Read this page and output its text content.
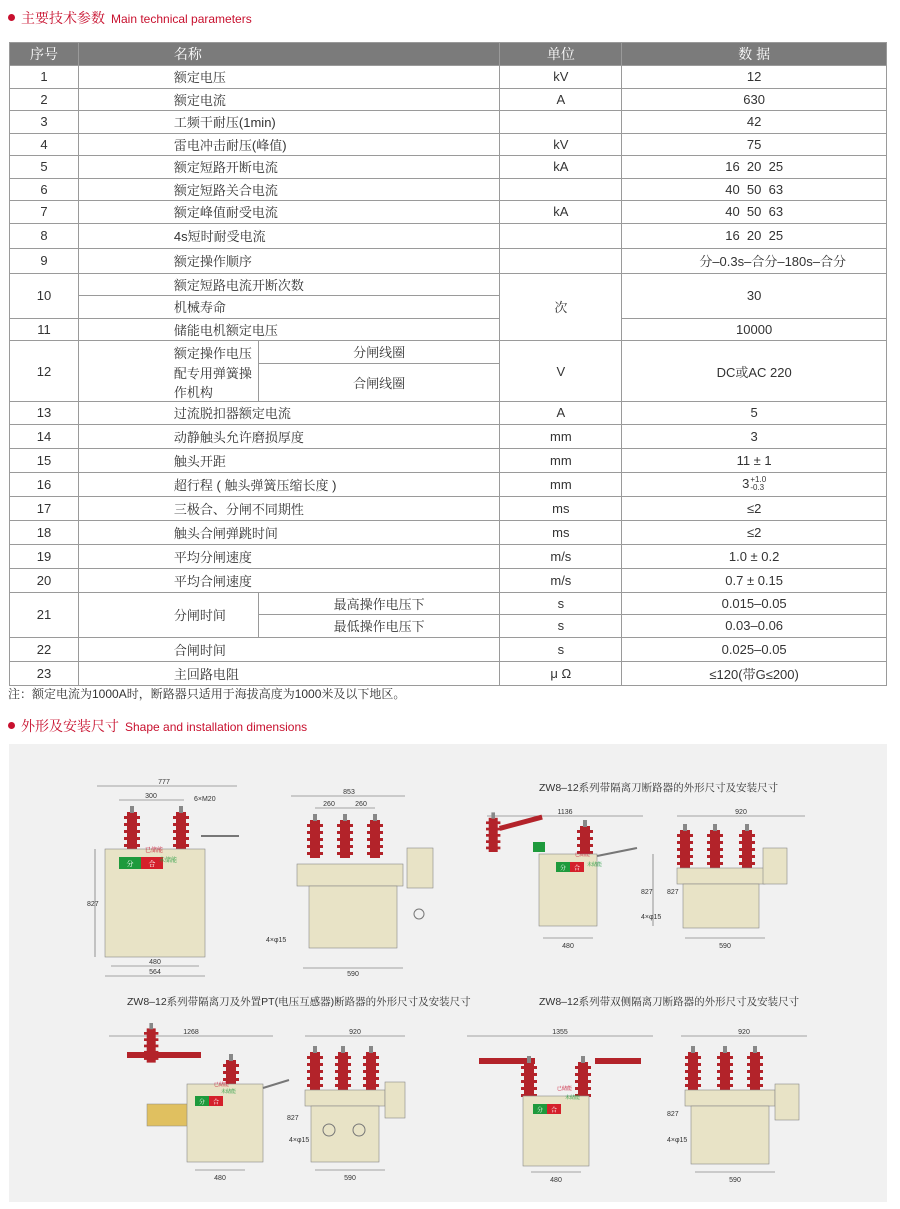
主要技术参数 Main technical parameters
序号	名称		单位	数 据
1	额定电压		kV	12
2	额定电流		A	630
3	工频干耐压(1min)			42
4	雷电冲击耐压(峰值)		kV	75
5	额定短路开断电流		kA	16  20  25
6	额定短路关合电流			40  50  63
7	额定峰值耐受电流		kA	40  50  63
8	4s短时耐受电流			16  20  25
9	额定操作顺序			分–0.3s–合分–180s–合分
10	额定短路电流开断次数		次	30
	机械寿命			
11	储能电机额定电压			10000
12	额定操作电压	分闸线圈	V	DC或AC 220
	配专用弹簧操作机构	合闸线圈		
13	过流脱扣器额定电流		A	5
14	动静触头允许磨损厚度		mm	3
15	触头开距		mm	11 ± 1
16	超行程 ( 触头弹簧压缩长度 )		mm	3 +1.0
-0.3

17	三极合、分闸不同期性		ms	≤2
18	触头合闸弹跳时间		ms	≤2
19	平均分闸速度		m/s	1.0 ± 0.2
20	平均合闸速度		m/s	0.7 ± 0.15
21	分闸时间	最高操作电压下	s	0.015–0.05
		最低操作电压下	s	0.03–0.06
22	合闸时间		s	0.025–0.05
23	主回路电阻		μ Ω	≤120(带G≤200)
注：额定电流为1000A时，断路器只适用于海拔高度为1000米及以下地区。
外形及安装尺寸 Shape and installation dimensions
ZW8–12系列带隔离刀断路器的外形尺寸及安装尺寸
ZW8–12系列带隔离刀及外置PT(电压互感器)断路器的外形尺寸及安装尺寸	ZW8–12系列带双侧隔离刀断路器的外形尺寸及安装尺寸
777
300	6×M20
分 合
已储能
未储能
827
480
564
853
260	260
4×φ15
590
1136
分 合
已储能
未储能
827
4×φ15
480
920
827
590
1268
分 合
已储能
未储能
480
920
827
4×φ15
590
1355
分 合
已储能
未储能
480
920
827
4×φ15
590
